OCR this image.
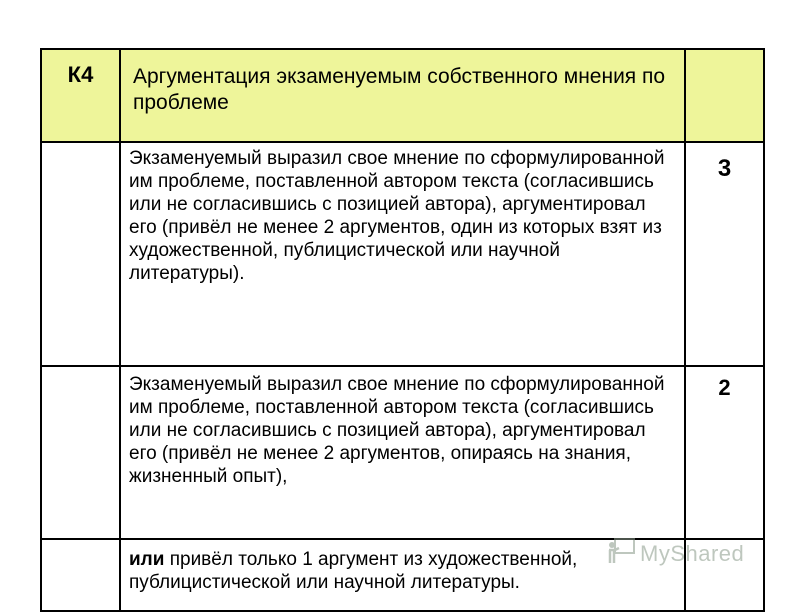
К4	Аргументация экзаменуемым собственного мнения по проблеме	
	Экзаменуемый выразил свое мнение по сформулированной им проблеме, поставленной автором текста (согласившись или не согласившись с позицией автора), аргументировал его (привёл не менее 2 аргументов, один из которых взят из художественной, публицистической или научной литературы).	3
	Экзаменуемый выразил свое мнение по сформулированной им проблеме, поставленной автором текста (согласившись или не согласившись с позицией автора), аргументировал его (привёл не менее 2 аргументов, опираясь на знания, жизненный опыт),	2
	или привёл только 1 аргумент из художественной, публицистической или научной литературы.	
MyShared
